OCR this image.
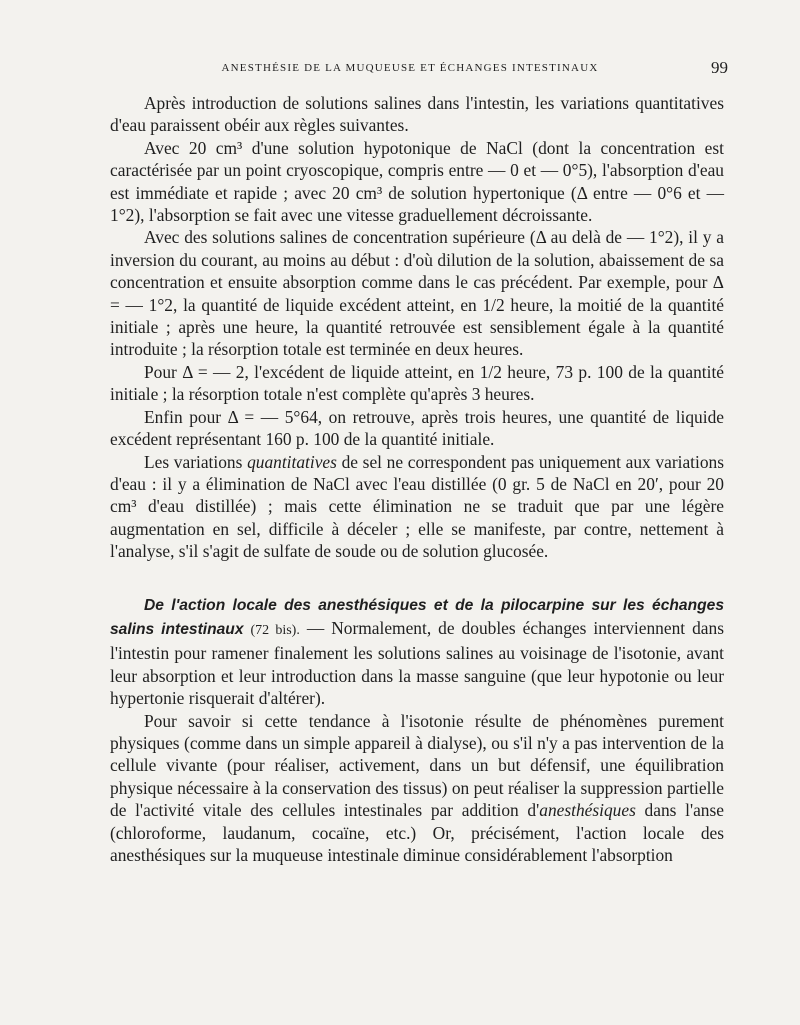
ANESTHÉSIE DE LA MUQUEUSE ET ÉCHANGES INTESTINAUX	99

Après introduction de solutions salines dans l'intestin, les variations quantitatives d'eau paraissent obéir aux règles suivantes.

Avec 20 cm³ d'une solution hypotonique de NaCl (dont la concentration est caractérisée par un point cryoscopique, compris entre — 0 et — 0°5), l'absorption d'eau est immédiate et rapide ; avec 20 cm³ de solution hypertonique (Δ entre — 0°6 et — 1°2), l'absorption se fait avec une vitesse graduellement décroissante.

Avec des solutions salines de concentration supérieure (Δ au delà de — 1°2), il y a inversion du courant, au moins au début : d'où dilution de la solution, abaissement de sa concentration et ensuite absorption comme dans le cas précédent. Par exemple, pour Δ = — 1°2, la quantité de liquide excédent atteint, en 1/2 heure, la moitié de la quantité initiale ; après une heure, la quantité retrouvée est sensiblement égale à la quantité introduite ; la résorption totale est terminée en deux heures.

Pour Δ = — 2, l'excédent de liquide atteint, en 1/2 heure, 73 p. 100 de la quantité initiale ; la résorption totale n'est complète qu'après 3 heures.

Enfin pour Δ = — 5°64, on retrouve, après trois heures, une quantité de liquide excédent représentant 160 p. 100 de la quantité initiale.

Les variations quantitatives de sel ne correspondent pas uniquement aux variations d'eau : il y a élimination de NaCl avec l'eau distillée (0 gr. 5 de NaCl en 20′, pour 20 cm³ d'eau distillée) ; mais cette élimination ne se traduit que par une légère augmentation en sel, difficile à déceler ; elle se manifeste, par contre, nettement à l'analyse, s'il s'agit de sulfate de soude ou de solution glucosée.

De l'action locale des anesthésiques et de la pilocarpine sur les échanges salins intestinaux (72 bis). — Normalement, de doubles échanges interviennent dans l'intestin pour ramener finalement les solutions salines au voisinage de l'isotonie, avant leur absorption et leur introduction dans la masse sanguine (que leur hypotonie ou leur hypertonie risquerait d'altérer).

Pour savoir si cette tendance à l'isotonie résulte de phénomènes purement physiques (comme dans un simple appareil à dialyse), ou s'il n'y a pas intervention de la cellule vivante (pour réaliser, activement, dans un but défensif, une équilibration physique nécessaire à la conservation des tissus) on peut réaliser la suppression partielle de l'activité vitale des cellules intestinales par addition d'anesthésiques dans l'anse (chloroforme, laudanum, cocaïne, etc.) Or, précisément, l'action locale des anesthésiques sur la muqueuse intestinale diminue considérablement l'absorption
